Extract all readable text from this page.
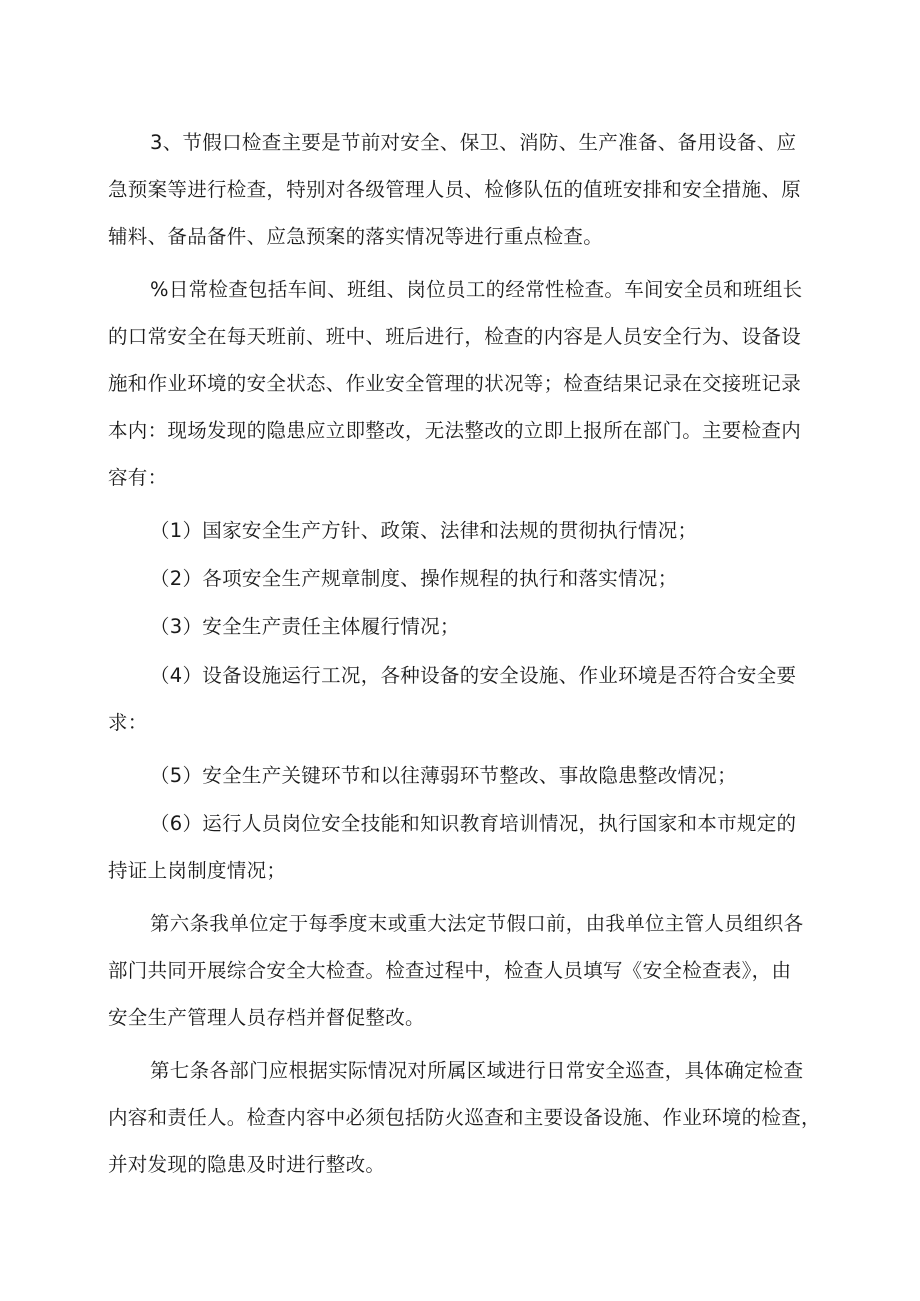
3、节假口检查主要是节前对安全、保卫、消防、生产准备、备用设备、应
急预案等进行检查，特别对各级管理人员、检修队伍的值班安排和安全措施、原
辅料、备品备件、应急预案的落实情况等进行重点检查。
%日常检查包括车间、班组、岗位员工的经常性检查。车间安全员和班组长
的口常安全在每天班前、班中、班后进行，检查的内容是人员安全行为、设备设
施和作业环境的安全状态、作业安全管理的状况等；检查结果记录在交接班记录
本内：现场发现的隐患应立即整改，无法整改的立即上报所在部门。主要检查内
容有：
（1）国家安全生产方针、政策、法律和法规的贯彻执行情况；
（2）各项安全生产规章制度、操作规程的执行和落实情况；
（3）安全生产责任主体履行情况；
（4）设备设施运行工况，各种设备的安全设施、作业环境是否符合安全要
求：
（5）安全生产关键环节和以往薄弱环节整改、事故隐患整改情况；
（6）运行人员岗位安全技能和知识教育培训情况，执行国家和本市规定的
持证上岗制度情况；
第六条我单位定于每季度末或重大法定节假口前，由我单位主管人员组织各
部门共同开展综合安全大检查。检查过程中，检查人员填写《安全检查表》，由
安全生产管理人员存档并督促整改。
第七条各部门应根据实际情况对所属区域进行日常安全巡查，具体确定检查
内容和责任人。检查内容中必须包括防火巡查和主要设备设施、作业环境的检查，
并对发现的隐患及时进行整改。
